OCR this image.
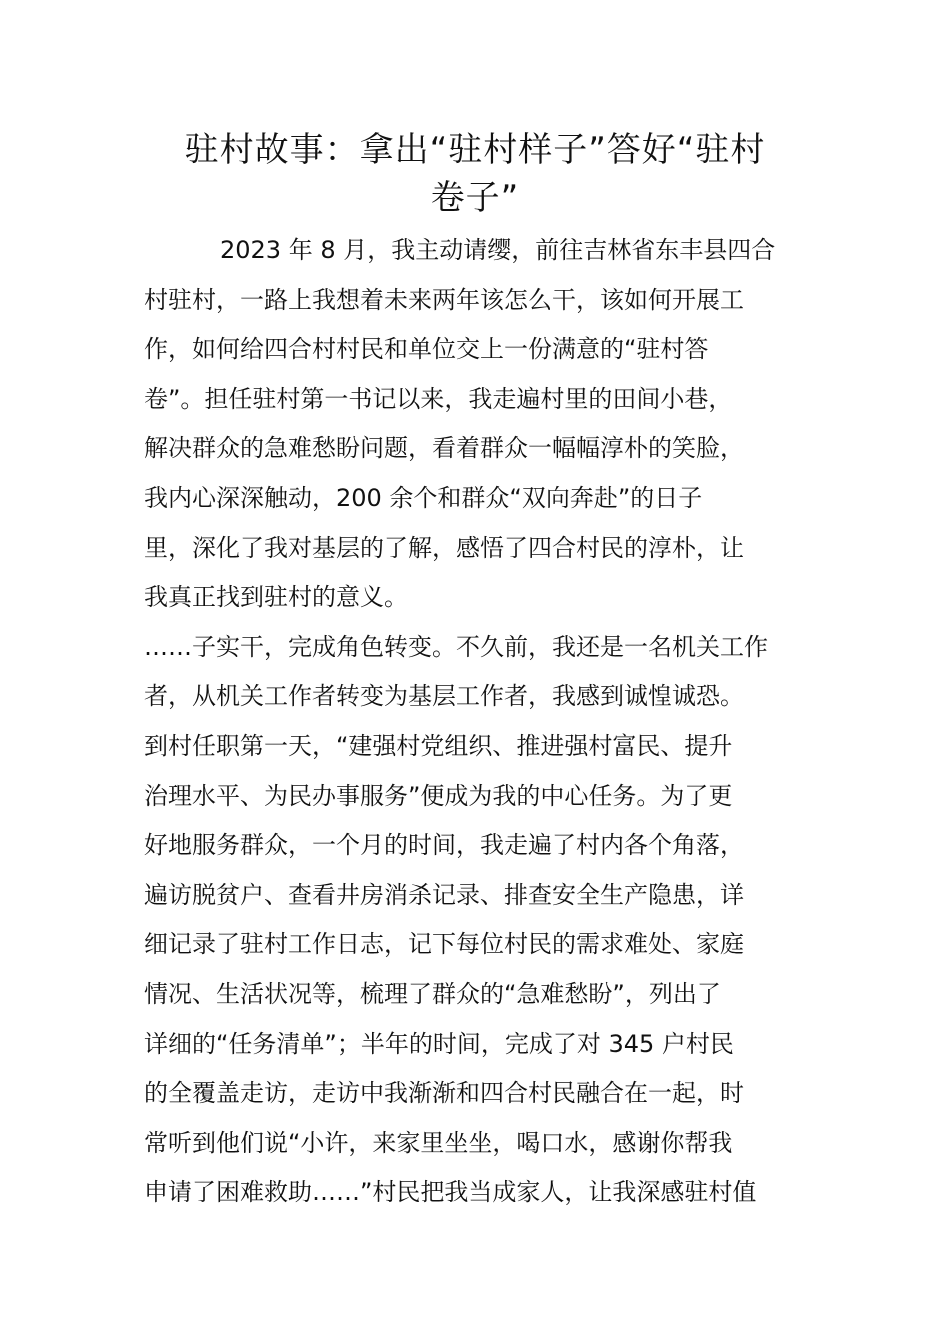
驻村故事：拿出“驻村样子”答好“驻村
卷子”
2023 年 8 月，我主动请缨，前往吉林省东丰县四合
村驻村，一路上我想着未来两年该怎么干，该如何开展工
作，如何给四合村村民和单位交上一份满意的“驻村答
卷”。担任驻村第一书记以来，我走遍村里的田间小巷，
解决群众的急难愁盼问题，看着群众一幅幅淳朴的笑脸，
我内心深深触动，200 余个和群众“双向奔赴”的日子
里，深化了我对基层的了解，感悟了四合村民的淳朴，让
我真正找到驻村的意义。
……子实干，完成角色转变。不久前，我还是一名机关工作
者，从机关工作者转变为基层工作者，我感到诚惶诚恐。
到村任职第一天，“建强村党组织、推进强村富民、提升
治理水平、为民办事服务”便成为我的中心任务。为了更
好地服务群众，一个月的时间，我走遍了村内各个角落，
遍访脱贫户、查看井房消杀记录、排查安全生产隐患，详
细记录了驻村工作日志，记下每位村民的需求难处、家庭
情况、生活状况等，梳理了群众的“急难愁盼”，列出了
详细的“任务清单”；半年的时间，完成了对 345 户村民
的全覆盖走访，走访中我渐渐和四合村民融合在一起，时
常听到他们说“小许，来家里坐坐，喝口水，感谢你帮我
申请了困难救助……”村民把我当成家人，让我深感驻村值
